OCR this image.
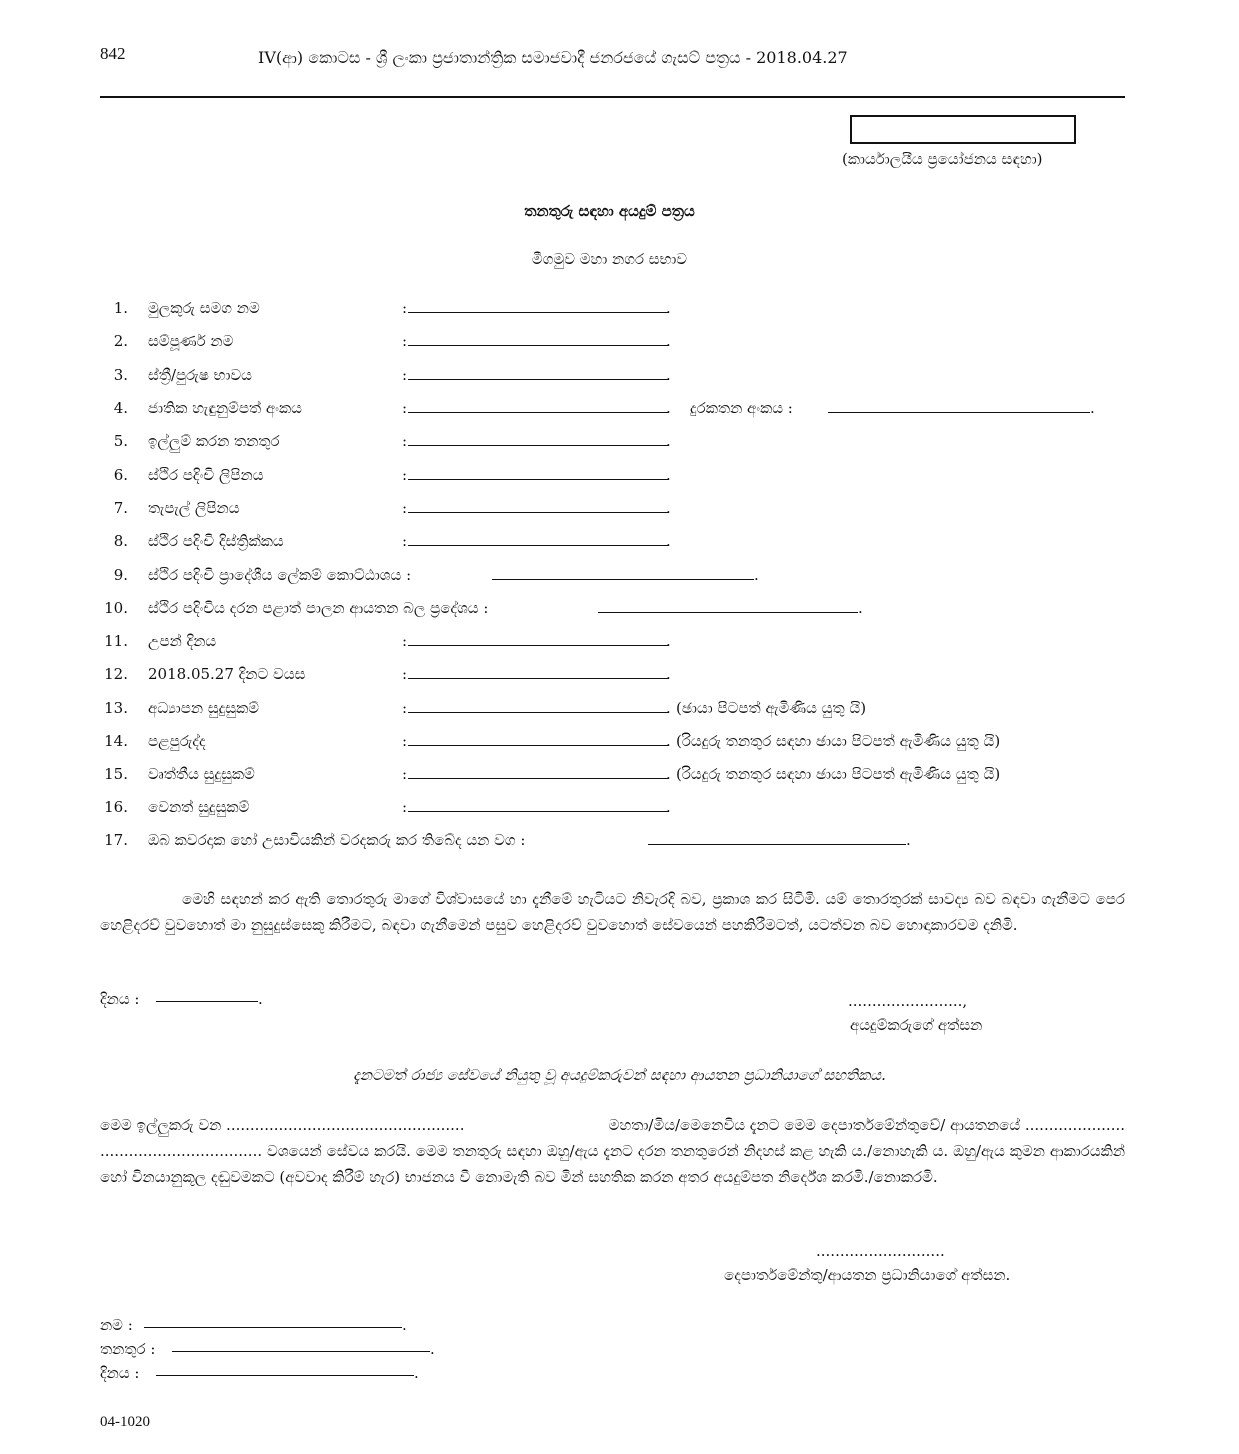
842	IV(ආ) කොටස - ශ්‍රී ලංකා ප්‍රජාතාන්ත්‍රික සමාජවාදී ජනරජයේ ගැසට් පත්‍රය - 2018.04.27
(කාර්යාලයීය ප්‍රයෝජනය සඳහා)
තනතුරු සඳහා අයදුම් පත්‍රය
මීගමුව මහා නගර සභාව
1. මුලකුරු සමග නම	:	.
2. සම්පූර්ණ නම	:	.
3. ස්ත්‍රී/පුරුෂ භාවය	:	.
4. ජාතික හැඳුනුම්පත් අංකය	:	. දුරකතන අංකය :	.
5. ඉල්ලුම් කරන තනතුර	:	.
6. ස්ථිර පදිංචි ලිපිනය	:	.
7. තැපැල් ලිපිනය	:	.
8. ස්ථිර පදිංචි දිස්ත්‍රික්කය	:	.
9. ස්ථිර පදිංචි ප්‍රාදේශීය ලේකම් කොට්ඨාශය :	.
10. ස්ථිර පදිංචිය දරන පළාත් පාලන ආයතන බල ප්‍රදේශය :	.
11. උපන් දිනය	:	.
12. 2018.05.27 දිනට වයස	:	.
13. අධ්‍යාපන සුදුසුකම්	:	. (ඡායා පිටපත් ඇමිණිය යුතු යි)
14. පළපුරුද්ද	:	. (රියදුරු තනතුර සඳහා ඡායා පිටපත් ඇමිණිය යුතු යි)
15. වෘත්තීය සුදුසුකම්	:	. (රියදුරු තනතුර සඳහා ඡායා පිටපත් ඇමිණිය යුතු යි)
16. වෙනත් සුදුසුකම්	:	.
17. ඔබ කවරදාක හෝ උසාවියකින් වරදකරු කර තිබේද යන වග :	.
මෙහි සඳහන් කර ඇති තොරතුරු මාගේ විශ්වාසයේ හා දැනීමේ හැටියට නිවැරදි බව, ප්‍රකාශ කර සිටිමි. යම් තොරතුරක් සාවද්‍ය බව බඳවා ගැනීමට පෙර හෙළිදරව් වුවහොත් මා නුසුදුස්සෙකු කිරීමට, බඳවා ගැනීමෙන් පසුව හෙළිදරව් වුවහොත් සේවයෙන් පහකිරීමටත්, යටත්වන බව හොඳාකාරවම දනිමි.
දිනය :	.	........................,
අයදුම්කරුගේ අත්සන
දැනටමත් රාජ්‍ය සේවයේ නියුතු වූ අයදුම්කරුවන් සඳහා ආයතන ප්‍රධානියාගේ සහතිකය.
මෙම ඉල්ලුකරු වන ..................................................	මහතා/මිය/මෙනෙවිය දැනට මෙම දෙපාර්තමේන්තුවේ/ ආයතනයේ .....................
.................................. වශයෙන් සේවය කරයි. මෙම තනතුරු සඳහා ඔහු/ඇය දැනට දරන තනතුරෙන් නිදහස් කළ හැකි ය./නොහැකි ය. ඔහු/ඇය කුමන ආකාරයකින් හෝ විනයානුකූල දඬුවමකට (අවවාද කිරීම් හැර) භාජනය වී නොමැති බව මින් සහතික කරන අතර අයදුම්පත නිර්දේශ කරමි./නොකරමි.
...........................
දෙපාර්තමේන්තු/ආයතන ප්‍රධානියාගේ අත්සන.
නම :	.
තනතුර :	.
දිනය :	.
04-1020
